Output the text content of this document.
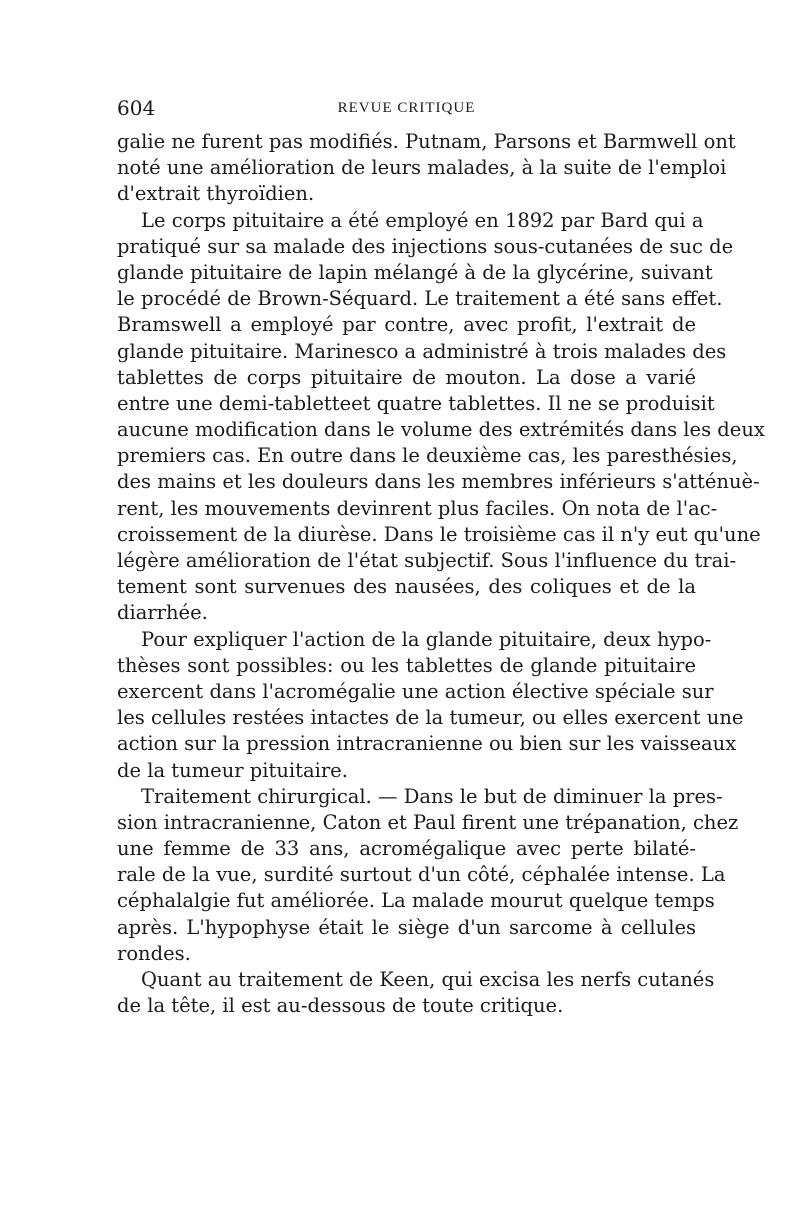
604	REVUE CRITIQUE
galie ne furent pas modifiés. Putnam, Parsons et Barmwell ont
noté une amélioration de leurs malades, à la suite de l'emploi
d'extrait thyroïdien.
Le corps pituitaire a été employé en 1892 par Bard qui a
pratiqué sur sa malade des injections sous-cutanées de suc de
glande pituitaire de lapin mélangé à de la glycérine, suivant
le procédé de Brown-Séquard. Le traitement a été sans effet.
Bramswell a employé par contre, avec profit, l'extrait de
glande pituitaire. Marinesco a administré à trois malades des
tablettes de corps pituitaire de mouton. La dose a varié
entre une demi-tabletteet quatre tablettes. Il ne se produisit
aucune modification dans le volume des extrémités dans les deux
premiers cas. En outre dans le deuxième cas, les paresthésies,
des mains et les douleurs dans les membres inférieurs s'atténuè-
rent, les mouvements devinrent plus faciles. On nota de l'ac-
croissement de la diurèse. Dans le troisième cas il n'y eut qu'une
légère amélioration de l'état subjectif. Sous l'influence du trai-
tement sont survenues des nausées, des coliques et de la
diarrhée.
Pour expliquer l'action de la glande pituitaire, deux hypo-
thèses sont possibles: ou les tablettes de glande pituitaire
exercent dans l'acromégalie une action élective spéciale sur
les cellules restées intactes de la tumeur, ou elles exercent une
action sur la pression intracranienne ou bien sur les vaisseaux
de la tumeur pituitaire.
Traitement chirurgical. — Dans le but de diminuer la pres-
sion intracranienne, Caton et Paul firent une trépanation, chez
une femme de 33 ans, acromégalique avec perte bilaté-
rale de la vue, surdité surtout d'un côté, céphalée intense. La
céphalalgie fut améliorée. La malade mourut quelque temps
après. L'hypophyse était le siège d'un sarcome à cellules
rondes.
Quant au traitement de Keen, qui excisa les nerfs cutanés
de la tête, il est au-dessous de toute critique.
